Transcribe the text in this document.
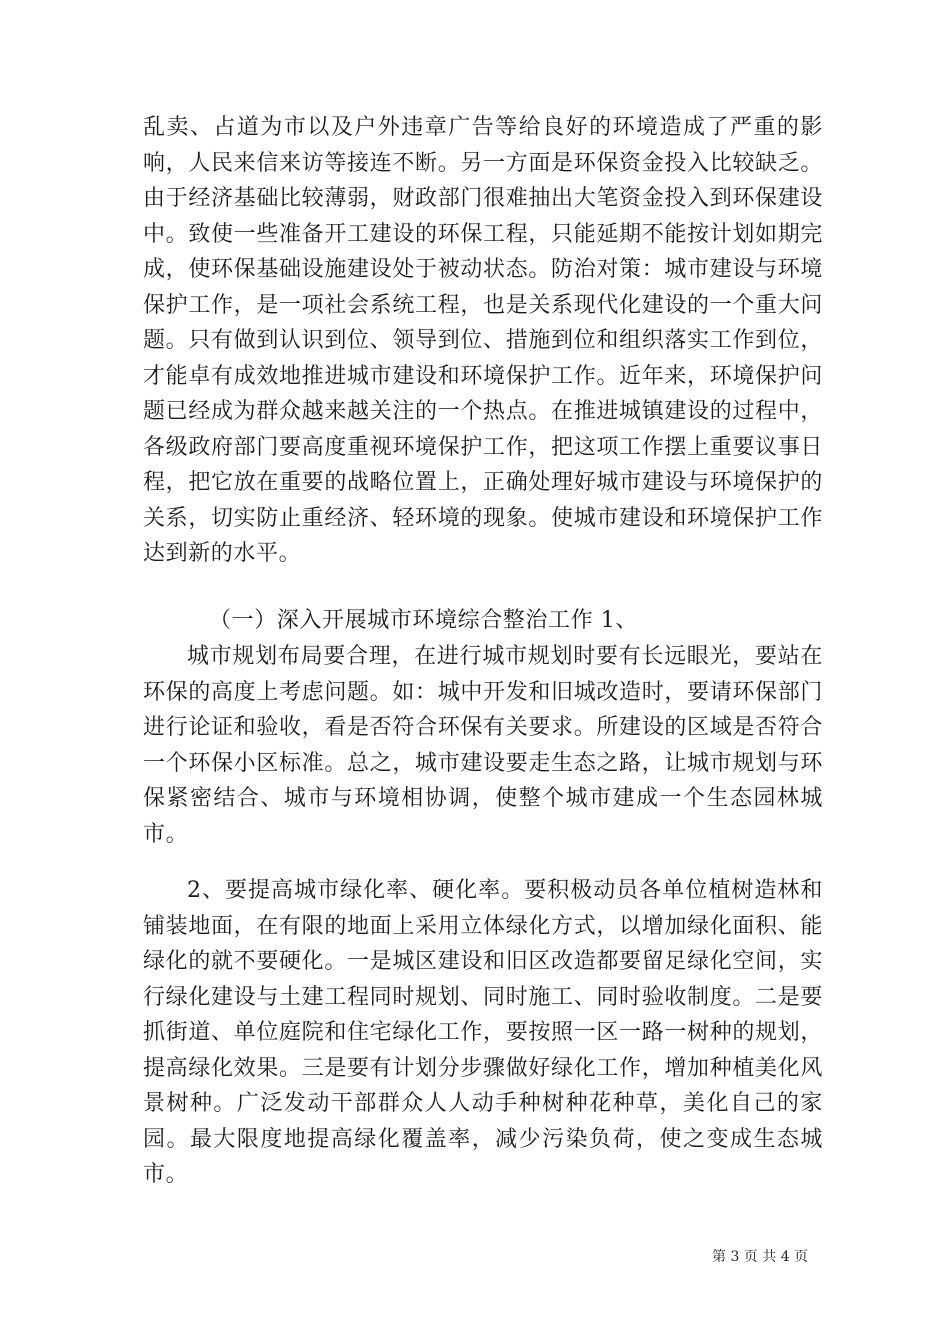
乱卖、占道为市以及户外违章广告等给良好的环境造成了严重的影响，人民来信来访等接连不断。另一方面是环保资金投入比较缺乏。由于经济基础比较薄弱，财政部门很难抽出大笔资金投入到环保建设中。致使一些准备开工建设的环保工程，只能延期不能按计划如期完成，使环保基础设施建设处于被动状态。防治对策：城市建设与环境保护工作，是一项社会系统工程，也是关系现代化建设的一个重大问题。只有做到认识到位、领导到位、措施到位和组织落实工作到位，才能卓有成效地推进城市建设和环境保护工作。近年来，环境保护问题已经成为群众越来越关注的一个热点。在推进城镇建设的过程中，各级政府部门要高度重视环境保护工作，把这项工作摆上重要议事日程，把它放在重要的战略位置上，正确处理好城市建设与环境保护的关系，切实防止重经济、轻环境的现象。使城市建设和环境保护工作达到新的水平。
（一）深入开展城市环境综合整治工作 1、
城市规划布局要合理，在进行城市规划时要有长远眼光，要站在环保的高度上考虑问题。如：城中开发和旧城改造时，要请环保部门进行论证和验收，看是否符合环保有关要求。所建设的区域是否符合一个环保小区标准。总之，城市建设要走生态之路，让城市规划与环保紧密结合、城市与环境相协调，使整个城市建成一个生态园林城市。
2、要提高城市绿化率、硬化率。要积极动员各单位植树造林和铺装地面，在有限的地面上采用立体绿化方式，以增加绿化面积、能绿化的就不要硬化。一是城区建设和旧区改造都要留足绿化空间，实行绿化建设与土建工程同时规划、同时施工、同时验收制度。二是要抓街道、单位庭院和住宅绿化工作，要按照一区一路一树种的规划，提高绿化效果。三是要有计划分步骤做好绿化工作，增加种植美化风景树种。广泛发动干部群众人人动手种树种花种草，美化自己的家园。最大限度地提高绿化覆盖率，减少污染负荷，使之变成生态城市。
第 3 页 共 4 页
